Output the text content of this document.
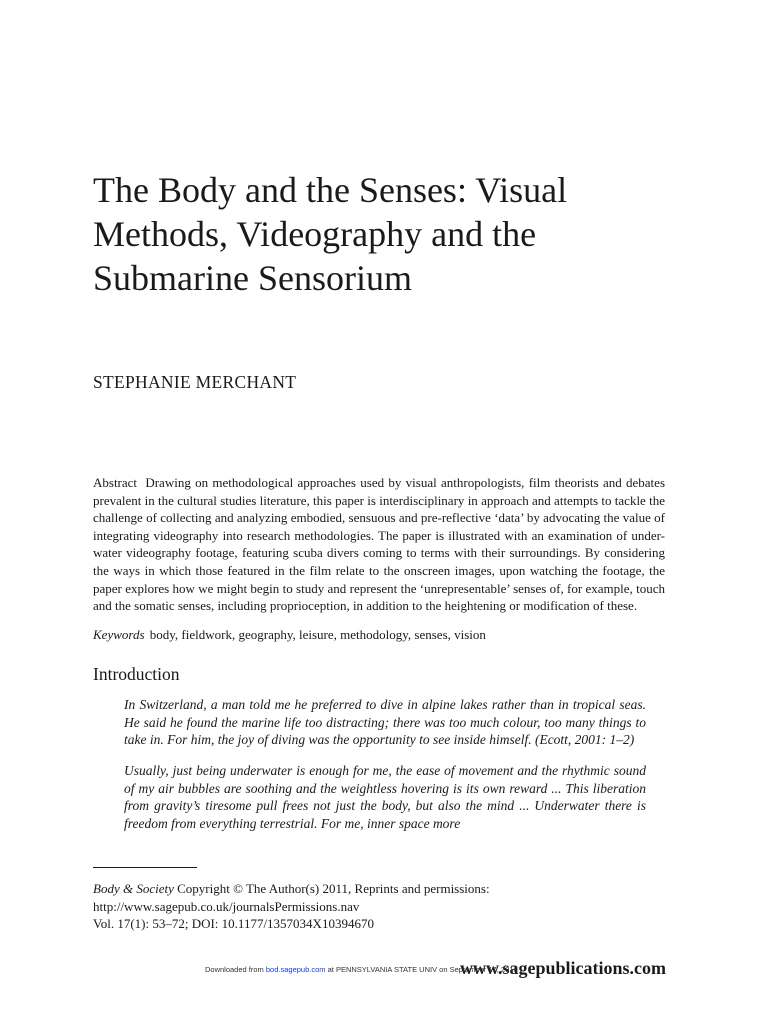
The Body and the Senses: Visual Methods, Videography and the Submarine Sensorium
STEPHANIE MERCHANT
Abstract Drawing on methodological approaches used by visual anthropologists, film theorists and debates prevalent in the cultural studies literature, this paper is interdisciplinary in approach and attempts to tackle the challenge of collecting and analyzing embodied, sensuous and pre-reflective ‘data’ by advocating the value of integrating videography into research methodologies. The paper is illustrated with an examination of under-water videography footage, featuring scuba divers coming to terms with their surroundings. By considering the ways in which those featured in the film relate to the onscreen images, upon watching the footage, the paper explores how we might begin to study and represent the ‘unrepresentable’ senses of, for example, touch and the somatic senses, including proprioception, in addition to the heightening or modification of these.
Keywords body, fieldwork, geography, leisure, methodology, senses, vision
Introduction
In Switzerland, a man told me he preferred to dive in alpine lakes rather than in tropical seas. He said he found the marine life too distracting; there was too much colour, too many things to take in. For him, the joy of diving was the opportunity to see inside himself. (Ecott, 2001: 1–2)
Usually, just being underwater is enough for me, the ease of movement and the rhythmic sound of my air bubbles are soothing and the weightless hovering is its own reward ... This liberation from gravity’s tiresome pull frees not just the body, but also the mind ... Underwater there is freedom from everything terrestrial. For me, inner space more
Body & Society Copyright © The Author(s) 2011, Reprints and permissions:
http://www.sagepub.co.uk/journalsPermissions.nav
Vol. 17(1): 53–72; DOI: 10.1177/1357034X10394670
www.sagepublications.com
Downloaded from bod.sagepub.com at PENNSYLVANIA STATE UNIV on September 17, 2016
